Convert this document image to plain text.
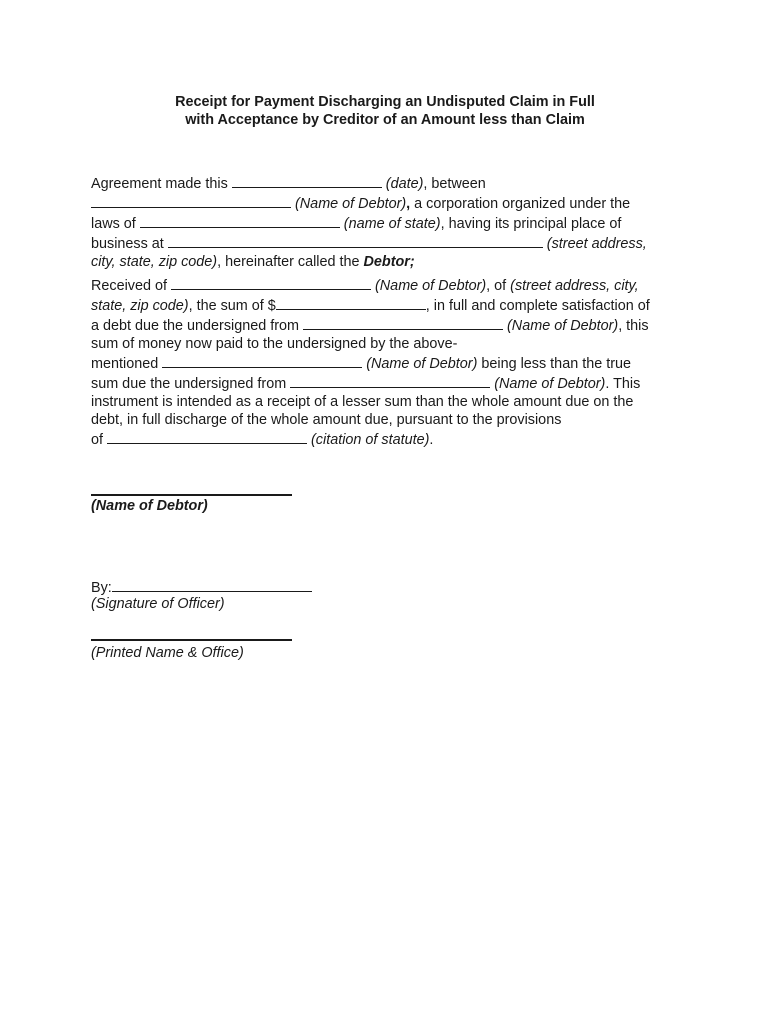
Receipt for Payment Discharging an Undisputed Claim in Full
with Acceptance by Creditor of an Amount less than Claim
Agreement made this	(date), between
(Name of Debtor), a corporation organized under the
laws of	(name of state), having its principal place of
business at	(street address,
city, state, zip code), hereinafter called the Debtor;
Received of	(Name of Debtor), of (street address, city,
state, zip code), the sum of $	, in full and complete satisfaction of
a debt due the undersigned from	(Name of Debtor), this
sum of money now paid to the undersigned by the above-
mentioned	(Name of Debtor) being less than the true
sum due the undersigned from	(Name of Debtor). This
instrument is intended as a receipt of a lesser sum than the whole amount due on the
debt, in full discharge of the whole amount due, pursuant to the provisions
of	(citation of statute).
(Name of Debtor)
By:
(Signature of Officer)
(Printed Name & Office)
